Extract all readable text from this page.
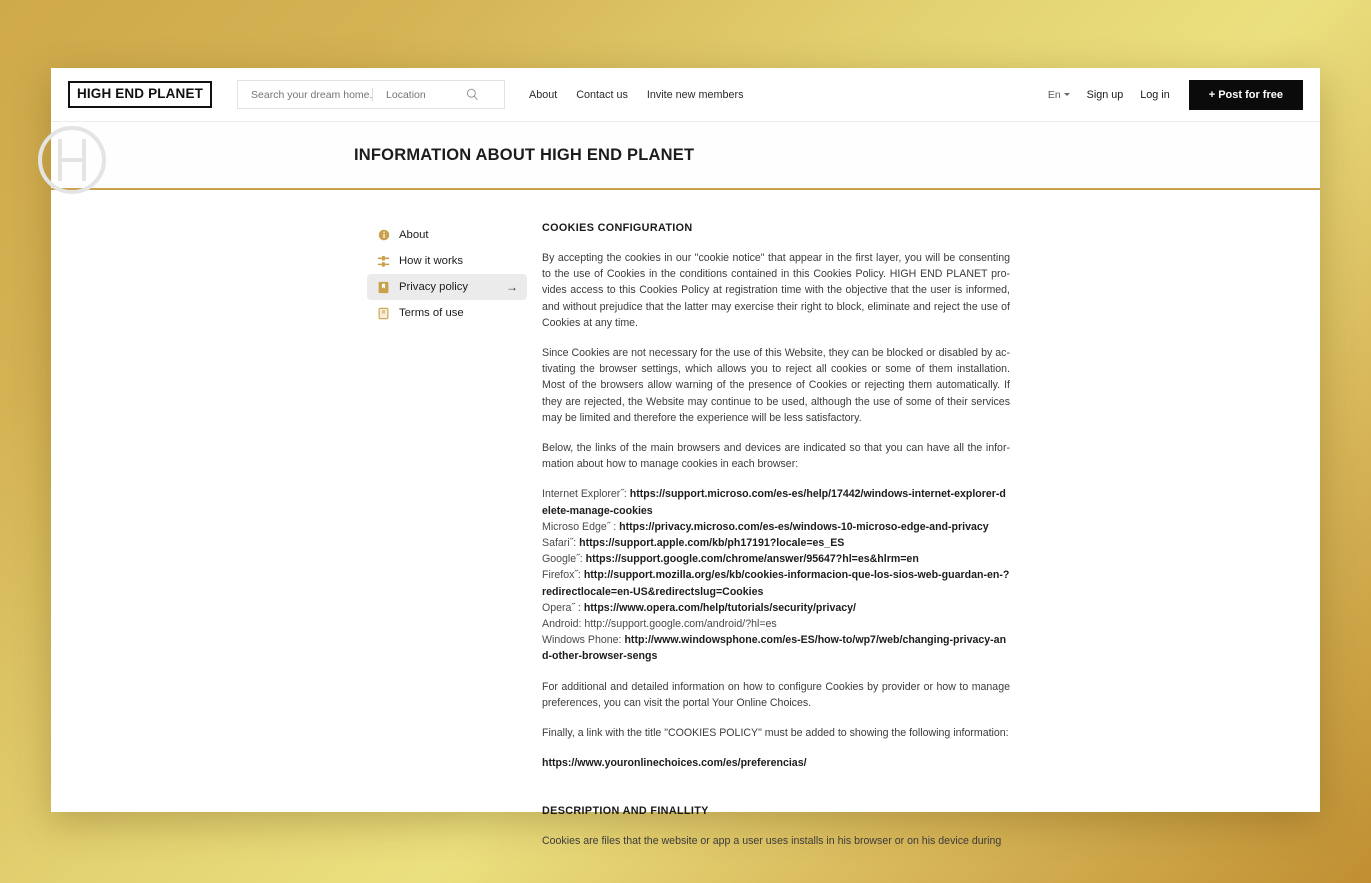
HIGH END PLANET
Search your dream home..
Location	About Contact us Invite new members	En Sign up Log in	+ Post for free
INFORMATION ABOUT HIGH END PLANET
About
How it works
Privacy policy	→
Terms of use
COOKIES CONFIGURATION

By accepting the cookies in our "cookie notice" that appear in the first layer, you will be consenting to the use of Cookies in the conditions contained in this Cookies Policy. HIGH END PLANET pro-vides access to this Cookies Policy at registration time with the objective that the user is informed, and without prejudice that the latter may exercise their right to block, eliminate and reject the use of Cookies at any time.

Since Cookies are not necessary for the use of this Website, they can be blocked or disabled by ac-tivating the browser settings, which allows you to reject all cookies or some of them installation. Most of the browsers allow warning of the presence of Cookies or rejecting them automatically. If they are rejected, the Website may continue to be used, although the use of some of their services may be limited and therefore the experience will be less satisfactory.

Below, the links of the main browsers and devices are indicated so that you can have all the infor-mation about how to manage cookies in each browser:

Internet Explorer˝: https://support.microso.com/es-es/help/17442/windows-internet-explorer-delete-manage-cookies
Microso Edge˝ : https://privacy.microso.com/es-es/windows-10-microso-edge-and-privacy
Safari˝: https://support.apple.com/kb/ph17191?locale=es_ES
Google˝: https://support.google.com/chrome/answer/95647?hl=es&hlrm=en
Firefox˝: http://support.mozilla.org/es/kb/cookies-informacion-que-los-sios-web-guardan-en-?redirectlocale=en-US&redirectslug=Cookies
Opera˝ : https://www.opera.com/help/tutorials/security/privacy/
Android: http://support.google.com/android/?hl=es
Windows Phone: http://www.windowsphone.com/es-ES/how-to/wp7/web/changing-privacy-and-other-browser-sengs

For additional and detailed information on how to configure Cookies by provider or how to manage preferences, you can visit the portal Your Online Choices.

Finally, a link with the title "COOKIES POLICY" must be added to showing the following information:

https://www.youronlinechoices.com/es/preferencias/
DESCRIPTION AND FINALLITY

Cookies are files that the website or app a user uses installs in his browser or on his device during
